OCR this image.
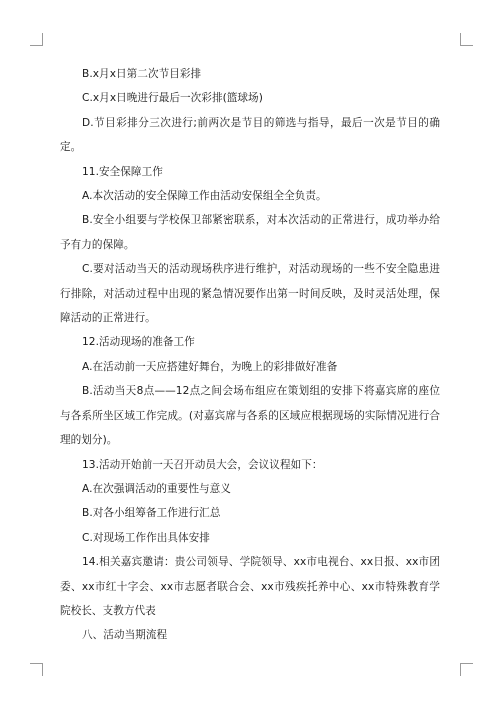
B.x月x日第二次节目彩排

C.x月x日晚进行最后一次彩排(篮球场)

D.节目彩排分三次进行;前两次是节目的筛选与指导，最后一次是节目的确定。

11.安全保障工作

A.本次活动的安全保障工作由活动安保组全全负责。

B.安全小组要与学校保卫部紧密联系，对本次活动的正常进行，成功举办给予有力的保障。

C.要对活动当天的活动现场秩序进行维护，对活动现场的一些不安全隐患进行排除，对活动过程中出现的紧急情况要作出第一时间反映，及时灵活处理，保障活动的正常进行。

12.活动现场的准备工作

A.在活动前一天应搭建好舞台，为晚上的彩排做好准备

B.活动当天8点——12点之间会场布组应在策划组的安排下将嘉宾席的座位与各系所坐区域工作完成。(对嘉宾席与各系的区域应根据现场的实际情况进行合理的划分)。

13.活动开始前一天召开动员大会，会议议程如下：

A.在次强调活动的重要性与意义

B.对各小组筹备工作进行汇总

C.对现场工作作出具体安排

14.相关嘉宾邀请：贵公司领导、学院领导、xx市电视台、xx日报、xx市团委、xx市红十字会、xx市志愿者联合会、xx市残疾托养中心、xx市特殊教育学院校长、支教方代表

八、活动当期流程
